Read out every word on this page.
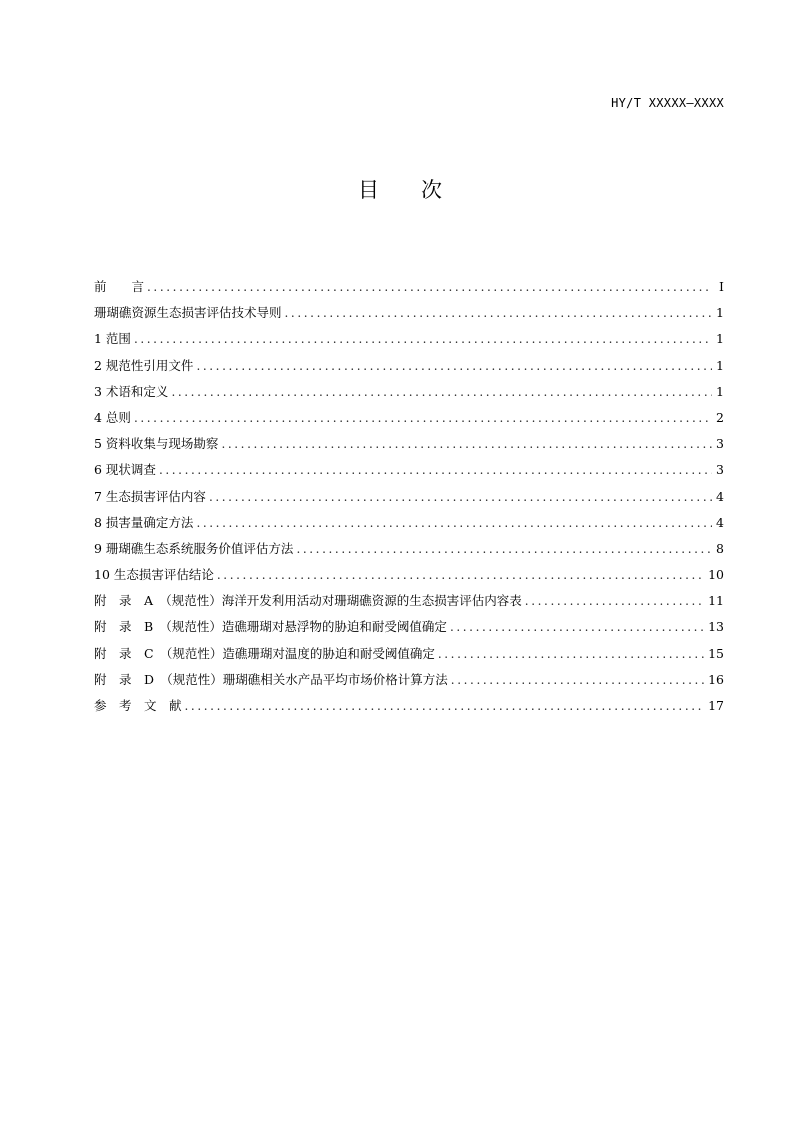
HY/T XXXXX—XXXX
目 次
前　　言 .....	I
珊瑚礁资源生态损害评估技术导则 .....	1
1 范围 .....	1
2 规范性引用文件 .....	1
3 术语和定义 .....	1
4 总则 .....	2
5 资料收集与现场勘察 .....	3
6 现状调查 .....	3
7 生态损害评估内容 .....	4
8 损害量确定方法 .....	4
9 珊瑚礁生态系统服务价值评估方法 .....	8
10 生态损害评估结论 .....	10
附　录　A　（规范性）海洋开发利用活动对珊瑚礁资源的生态损害评估内容表 .....	11
附　录　B　（规范性）造礁珊瑚对悬浮物的胁迫和耐受阈值确定 .....	13
附　录　C　（规范性）造礁珊瑚对温度的胁迫和耐受阈值确定 .....	15
附　录　D　（规范性）珊瑚礁相关水产品平均市场价格计算方法 .....	16
参　考　文　献 .....	17
